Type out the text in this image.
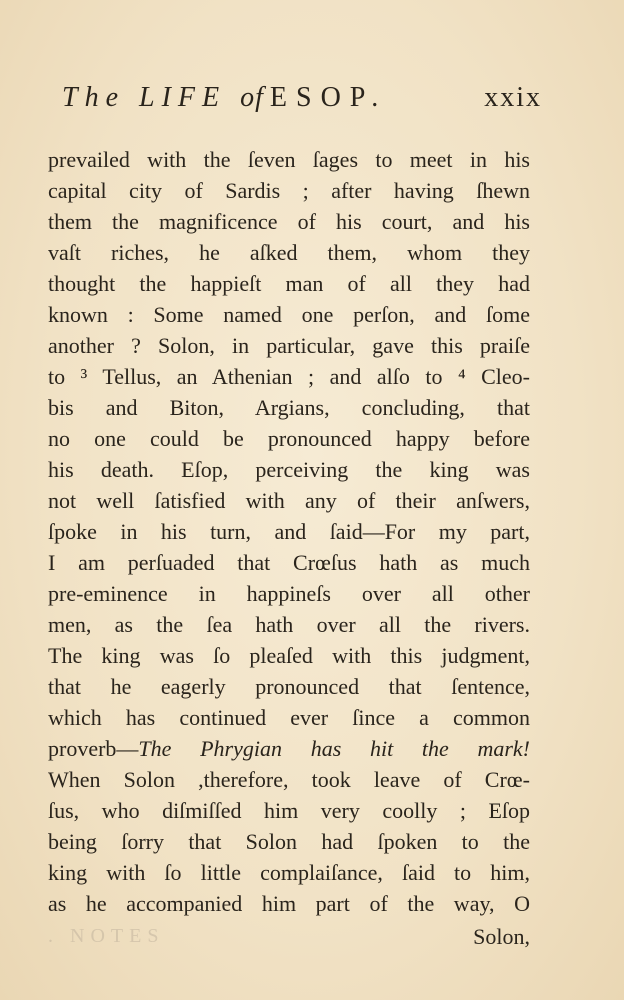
The LIFE of ESOP.	xxix
prevailed with the ſeven ſages to meet in his
capital city of Sardis ; after having ſhewn
them the magnificence of his court, and his
vaſt riches, he aſked them, whom they
thought the happieſt man of all they had
known : Some named one perſon, and ſome
another ? Solon, in particular, gave this praiſe
to ³ Tellus, an Athenian ; and alſo to ⁴ Cleo-
bis and Biton, Argians, concluding, that
no one could be pronounced happy before
his death. Eſop, perceiving the king was
not well ſatisfied with any of their anſwers,
ſpoke in his turn, and ſaid—For my part,
I am perſuaded that Crœſus hath as much
pre-eminence in happineſs over all other
men, as the ſea hath over all the rivers.
The king was ſo pleaſed with this judgment,
that he eagerly pronounced that ſentence,
which has continued ever ſince a common
proverb—The Phrygian has hit the mark!
When Solon ,therefore, took leave of Crœ-
ſus, who diſmiſſed him very coolly ; Eſop
being ſorry that Solon had ſpoken to the
king with ſo little complaiſance, ſaid to him,
as he accompanied him part of the way, O
. NOTES	Solon,
